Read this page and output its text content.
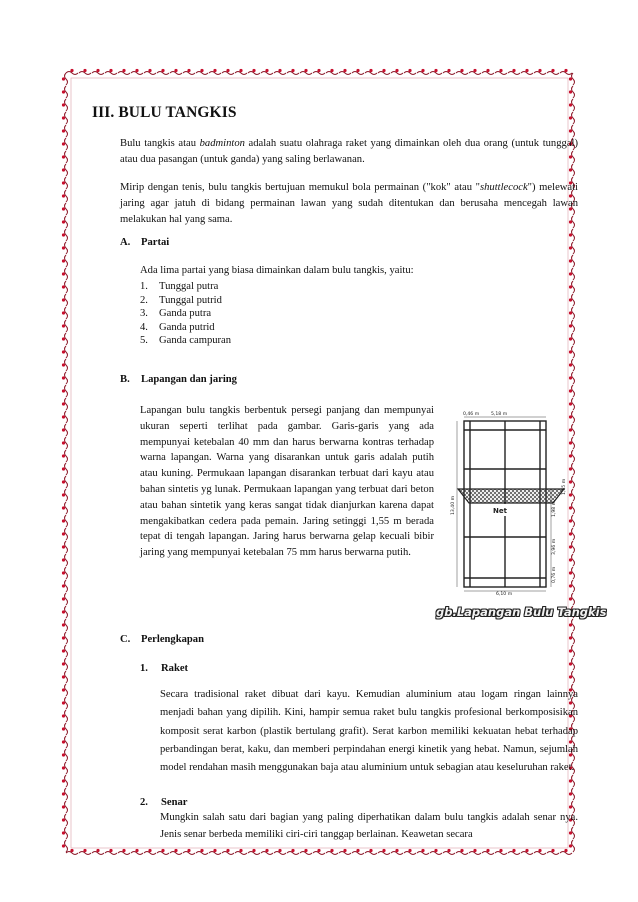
III. BULU TANGKIS
Bulu tangkis atau badminton adalah suatu olahraga raket yang dimainkan oleh dua orang (untuk tunggal) atau dua pasangan (untuk ganda) yang saling berlawanan.
Mirip dengan tenis, bulu tangkis bertujuan memukul bola permainan ("kok" atau "shuttlecock") melewati jaring agar jatuh di bidang permainan lawan yang sudah ditentukan dan berusaha mencegah lawan melakukan hal yang sama.
A. Partai
Ada lima partai yang biasa dimainkan dalam bulu tangkis, yaitu:
1. Tunggal putra
2. Tunggal putrid
3. Ganda putra
4. Ganda putrid
5. Ganda campuran
B. Lapangan dan jaring
Lapangan bulu tangkis berbentuk persegi panjang dan mempunyai ukuran seperti terlihat pada gambar. Garis-garis yang ada mempunyai ketebalan 40 mm dan harus berwarna kontras terhadap warna lapangan. Warna yang disarankan untuk garis adalah putih atau kuning. Permukaan lapangan disarankan terbuat dari kayu atau bahan sintetis yg lunak. Permukaan lapangan yang terbuat dari beton atau bahan sintetik yang keras sangat tidak dianjurkan karena dapat mengakibatkan cedera pada pemain. Jaring setinggi 1,55 m berada tepat di tengah lapangan. Jaring harus berwarna gelap kecuali bibir jaring yang mempunyai ketebalan 75 mm harus berwarna putih.
Net
0,46 m	5,18 m
13,40 m
1,55 m
1,98 m
3,96 m
0,76 m
6,10 m
gb.Lapangan Bulu Tangkis
C. Perlengkapan
1. Raket
Secara tradisional raket dibuat dari kayu. Kemudian aluminium atau logam ringan lainnya menjadi bahan yang dipilih. Kini, hampir semua raket bulu tangkis profesional berkomposisikan komposit serat karbon (plastik bertulang grafit). Serat karbon memiliki kekuatan hebat terhadap perbandingan berat, kaku, dan memberi perpindahan energi kinetik yang hebat. Namun, sejumlah model rendahan masih menggunakan baja atau aluminium untuk sebagian atau keseluruhan raket.
2. Senar
Mungkin salah satu dari bagian yang paling diperhatikan dalam bulu tangkis adalah senar nya. Jenis senar berbeda memiliki ciri-ciri tanggap berlainan. Keawetan secara
